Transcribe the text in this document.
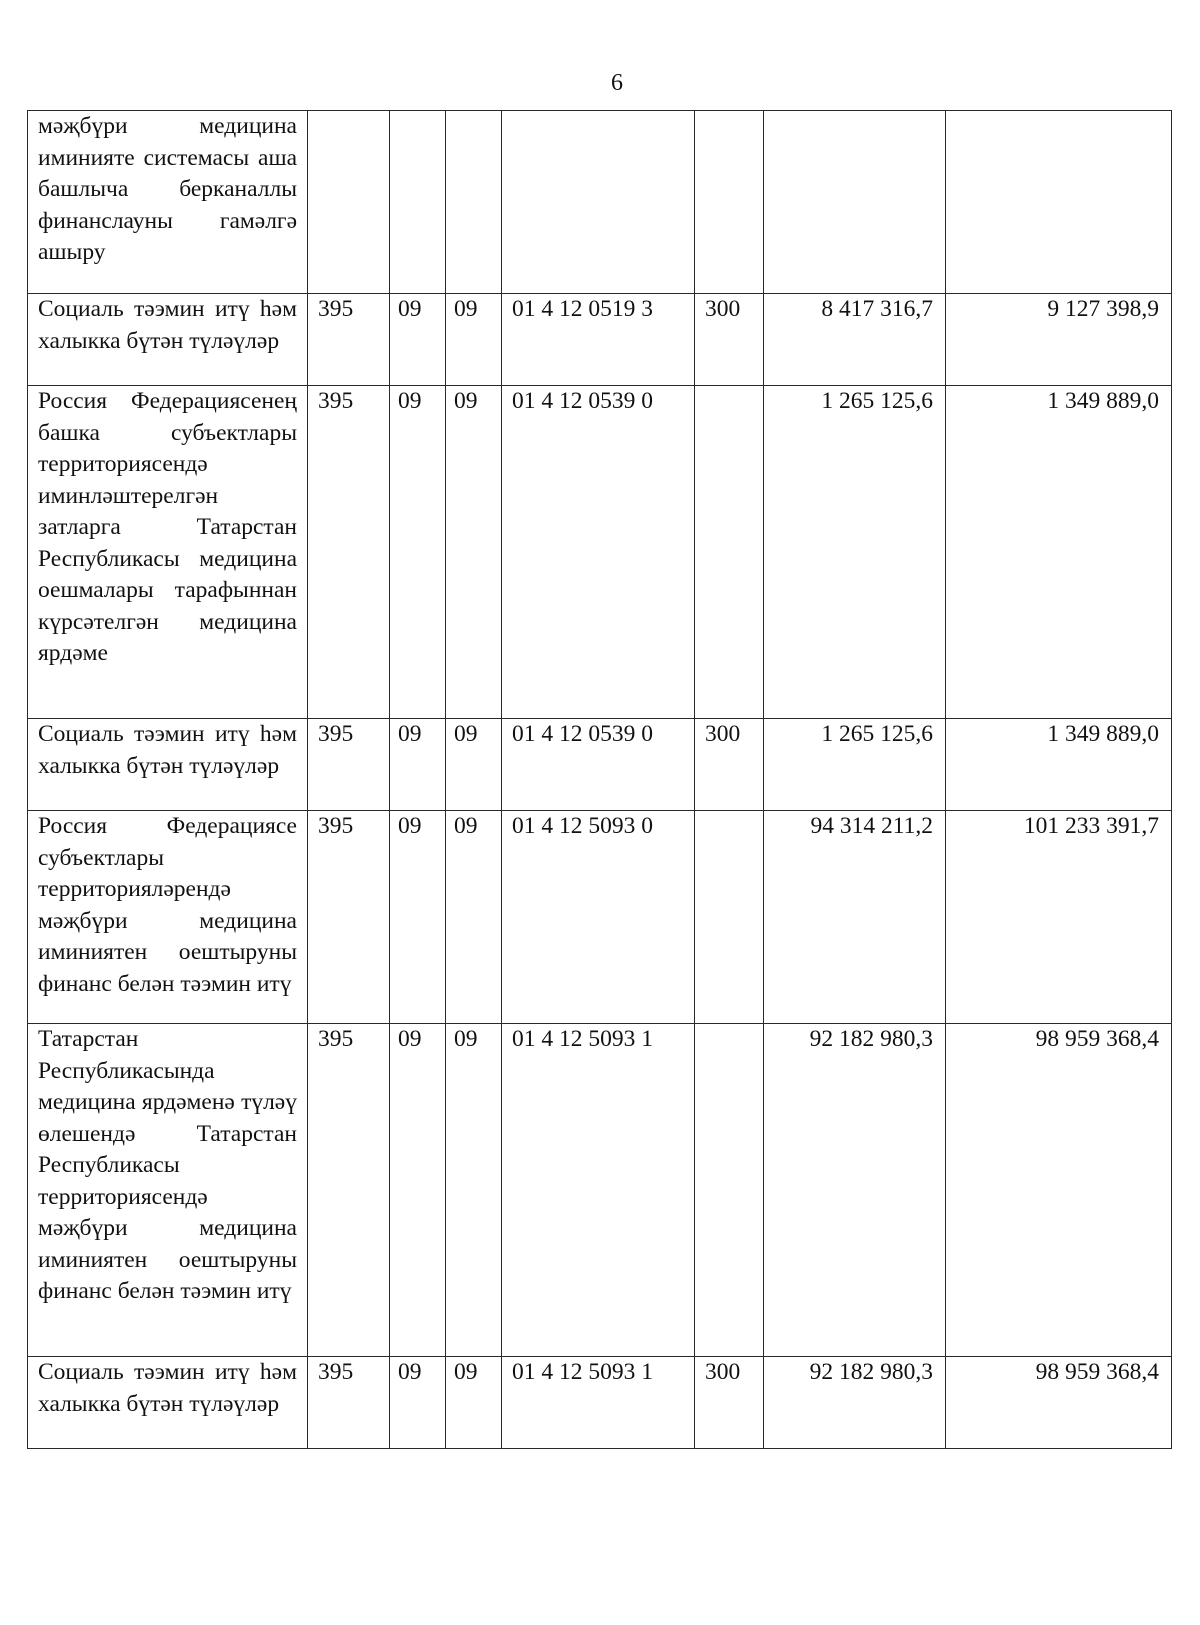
6
мәҗбүри медицина иминияте системасы аша башлыча берканаллы финанслауны гамәлгә ашыру							
Социаль тәэмин итү һәм халыкка бүтән түләүләр	395	09	09	01 4 12 0519 3	300	8 417 316,7	9 127 398,9
Россия Федерациясенең башка субъектлары территориясендә иминләштерелгән затларга Татарстан Республикасы медицина оешмалары тарафыннан күрсәтелгән медицина ярдәме	395	09	09	01 4 12 0539 0		1 265 125,6	1 349 889,0
Социаль тәэмин итү һәм халыкка бүтән түләүләр	395	09	09	01 4 12 0539 0	300	1 265 125,6	1 349 889,0
Россия Федерациясе субъектлары территорияләрендә мәҗбүри медицина иминиятен оештыруны финанс белән тәэмин итү	395	09	09	01 4 12 5093 0		94 314 211,2	101 233 391,7
Татарстан Республикасында медицина ярдәменә түләү өлешендә Татарстан Республикасы территориясендә мәҗбүри медицина иминиятен оештыруны финанс белән тәэмин итү	395	09	09	01 4 12 5093 1		92 182 980,3	98 959 368,4
Социаль тәэмин итү һәм халыкка бүтән түләүләр	395	09	09	01 4 12 5093 1	300	92 182 980,3	98 959 368,4
